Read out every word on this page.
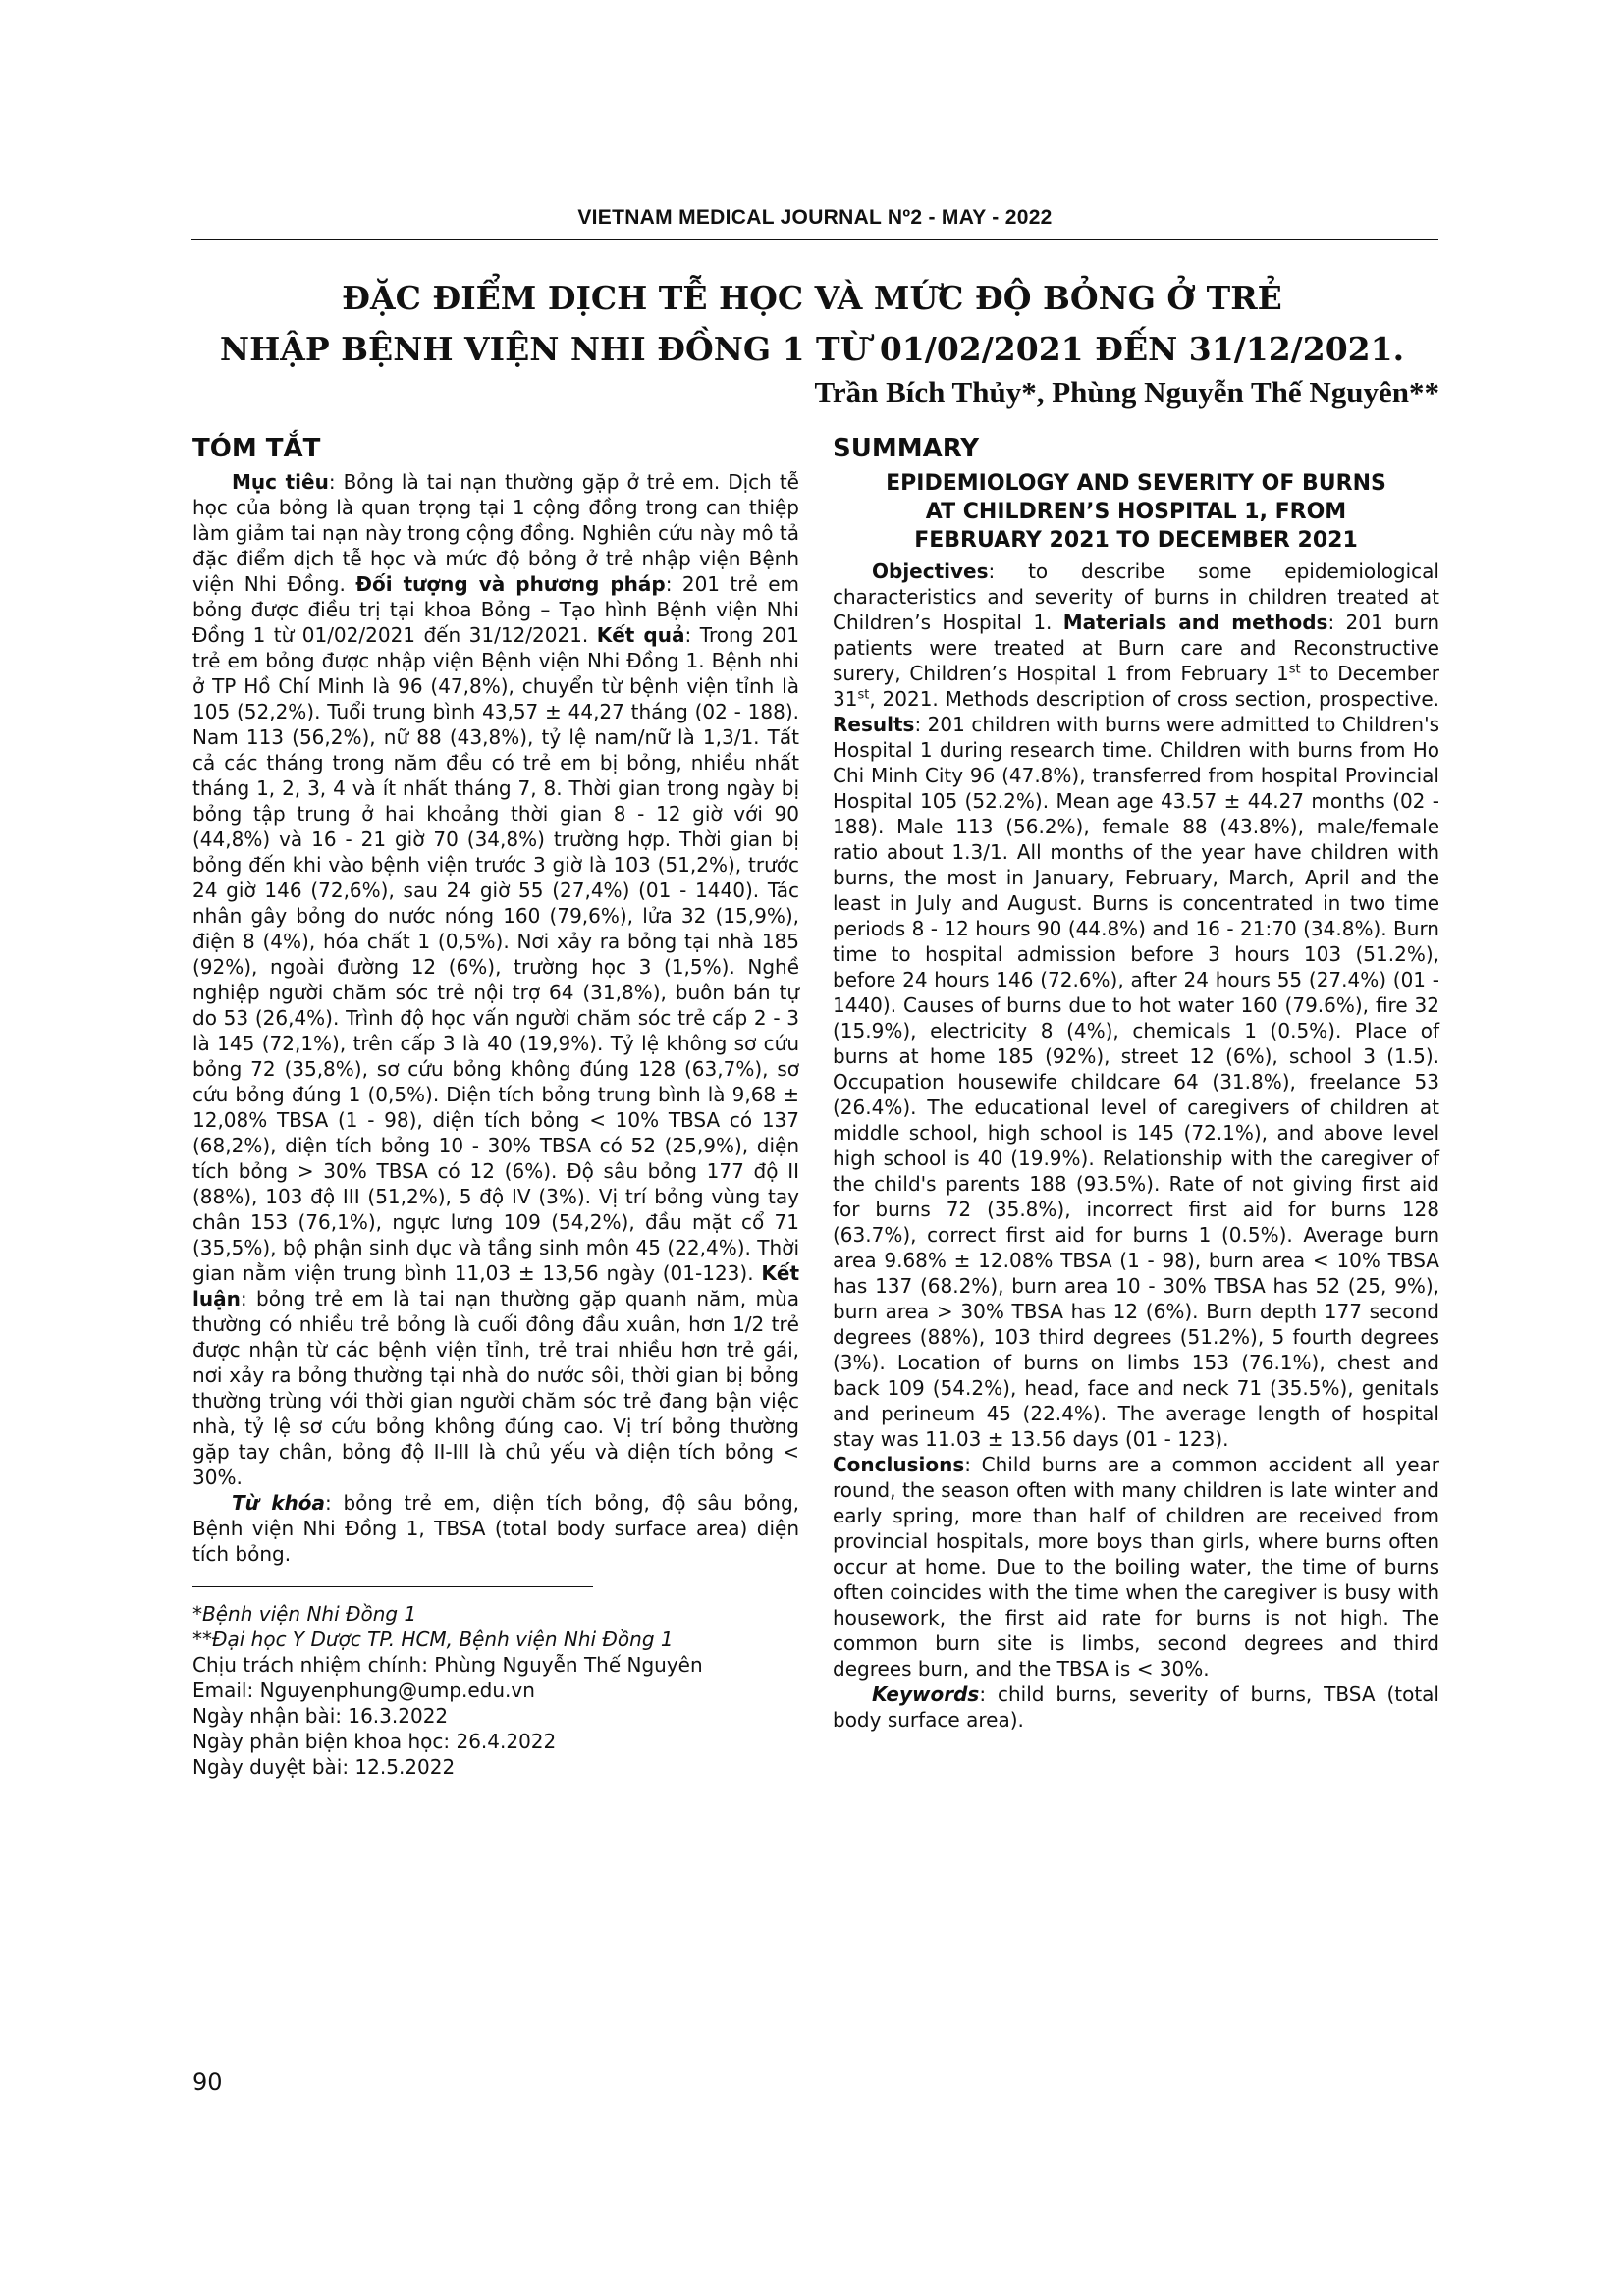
VIETNAM MEDICAL JOURNAL Nº2 - MAY - 2022
ĐẶC ĐIỂM DỊCH TỄ HỌC VÀ MỨC ĐỘ BỎNG Ở TRẺ
NHẬP BỆNH VIỆN NHI ĐỒNG 1 TỪ 01/02/2021 ĐẾN 31/12/2021.
Trần Bích Thủy*, Phùng Nguyễn Thế Nguyên**
TÓM TẮT

Mục tiêu: Bỏng là tai nạn thường gặp ở trẻ em. Dịch tễ học của bỏng là quan trọng tại 1 cộng đồng trong can thiệp làm giảm tai nạn này trong cộng đồng. Nghiên cứu này mô tả đặc điểm dịch tễ học và mức độ bỏng ở trẻ nhập viện Bệnh viện Nhi Đồng. Đối tượng và phương pháp: 201 trẻ em bỏng được điều trị tại khoa Bỏng – Tạo hình Bệnh viện Nhi Đồng 1 từ 01/02/2021 đến 31/12/2021. Kết quả: Trong 201 trẻ em bỏng được nhập viện Bệnh viện Nhi Đồng 1. Bệnh nhi ở TP Hồ Chí Minh là 96 (47,8%), chuyển từ bệnh viện tỉnh là 105 (52,2%). Tuổi trung bình 43,57 ± 44,27 tháng (02 - 188). Nam 113 (56,2%), nữ 88 (43,8%), tỷ lệ nam/nữ là 1,3/1. Tất cả các tháng trong năm đều có trẻ em bị bỏng, nhiều nhất tháng 1, 2, 3, 4 và ít nhất tháng 7, 8. Thời gian trong ngày bị bỏng tập trung ở hai khoảng thời gian 8 - 12 giờ với 90 (44,8%) và 16 - 21 giờ 70 (34,8%) trường hợp. Thời gian bị bỏng đến khi vào bệnh viện trước 3 giờ là 103 (51,2%), trước 24 giờ 146 (72,6%), sau 24 giờ 55 (27,4%) (01 - 1440). Tác nhân gây bỏng do nước nóng 160 (79,6%), lửa 32 (15,9%), điện 8 (4%), hóa chất 1 (0,5%). Nơi xảy ra bỏng tại nhà 185 (92%), ngoài đường 12 (6%), trường học 3 (1,5%). Nghề nghiệp người chăm sóc trẻ nội trợ 64 (31,8%), buôn bán tự do 53 (26,4%). Trình độ học vấn người chăm sóc trẻ cấp 2 - 3 là 145 (72,1%), trên cấp 3 là 40 (19,9%). Tỷ lệ không sơ cứu bỏng 72 (35,8%), sơ cứu bỏng không đúng 128 (63,7%), sơ cứu bỏng đúng 1 (0,5%). Diện tích bỏng trung bình là 9,68 ± 12,08% TBSA (1 - 98), diện tích bỏng < 10% TBSA có 137 (68,2%), diện tích bỏng 10 - 30% TBSA có 52 (25,9%), diện tích bỏng > 30% TBSA có 12 (6%). Độ sâu bỏng 177 độ II (88%), 103 độ III (51,2%), 5 độ IV (3%). Vị trí bỏng vùng tay chân 153 (76,1%), ngực lưng 109 (54,2%), đầu mặt cổ 71 (35,5%), bộ phận sinh dục và tầng sinh môn 45 (22,4%). Thời gian nằm viện trung bình 11,03 ± 13,56 ngày (01-123). Kết luận: bỏng trẻ em là tai nạn thường gặp quanh năm, mùa thường có nhiều trẻ bỏng là cuối đông đầu xuân, hơn 1/2 trẻ được nhận từ các bệnh viện tỉnh, trẻ trai nhiều hơn trẻ gái, nơi xảy ra bỏng thường tại nhà do nước sôi, thời gian bị bỏng thường trùng với thời gian người chăm sóc trẻ đang bận việc nhà, tỷ lệ sơ cứu bỏng không đúng cao. Vị trí bỏng thường gặp tay chân, bỏng độ II-III là chủ yếu và diện tích bỏng < 30%.

Từ khóa: bỏng trẻ em, diện tích bỏng, độ sâu bỏng, Bệnh viện Nhi Đồng 1, TBSA (total body surface area) diện tích bỏng.

*Bệnh viện Nhi Đồng 1
**Đại học Y Dược TP. HCM, Bệnh viện Nhi Đồng 1
Chịu trách nhiệm chính: Phùng Nguyễn Thế Nguyên
Email: Nguyenphung@ump.edu.vn
Ngày nhận bài: 16.3.2022
Ngày phản biện khoa học: 26.4.2022
Ngày duyệt bài: 12.5.2022
SUMMARY
EPIDEMIOLOGY AND SEVERITY OF BURNS
AT CHILDREN’S HOSPITAL 1, FROM
FEBRUARY 2021 TO DECEMBER 2021

Objectives: to describe some epidemiological characteristics and severity of burns in children treated at Children’s Hospital 1. Materials and methods: 201 burn patients were treated at Burn care and Reconstructive surery, Children’s Hospital 1 from February 1st to December 31st, 2021. Methods description of cross section, prospective. Results: 201 children with burns were admitted to Children's Hospital 1 during research time. Children with burns from Ho Chi Minh City 96 (47.8%), transferred from hospital Provincial Hospital 105 (52.2%). Mean age 43.57 ± 44.27 months (02 - 188). Male 113 (56.2%), female 88 (43.8%), male/female ratio about 1.3/1. All months of the year have children with burns, the most in January, February, March, April and the least in July and August. Burns is concentrated in two time periods 8 - 12 hours 90 (44.8%) and 16 - 21:70 (34.8%). Burn time to hospital admission before 3 hours 103 (51.2%), before 24 hours 146 (72.6%), after 24 hours 55 (27.4%) (01 - 1440). Causes of burns due to hot water 160 (79.6%), fire 32 (15.9%), electricity 8 (4%), chemicals 1 (0.5%). Place of burns at home 185 (92%), street 12 (6%), school 3 (1.5). Occupation housewife childcare 64 (31.8%), freelance 53 (26.4%). The educational level of caregivers of children at middle school, high school is 145 (72.1%), and above level high school is 40 (19.9%). Relationship with the caregiver of the child's parents 188 (93.5%). Rate of not giving first aid for burns 72 (35.8%), incorrect first aid for burns 128 (63.7%), correct first aid for burns 1 (0.5%). Average burn area 9.68% ± 12.08% TBSA (1 - 98), burn area < 10% TBSA has 137 (68.2%), burn area 10 - 30% TBSA has 52 (25, 9%), burn area > 30% TBSA has 12 (6%). Burn depth 177 second degrees (88%), 103 third degrees (51.2%), 5 fourth degrees (3%). Location of burns on limbs 153 (76.1%), chest and back 109 (54.2%), head, face and neck 71 (35.5%), genitals and perineum 45 (22.4%). The average length of hospital stay was 11.03 ± 13.56 days (01 - 123).

Conclusions: Child burns are a common accident all year round, the season often with many children is late winter and early spring, more than half of children are received from provincial hospitals, more boys than girls, where burns often occur at home. Due to the boiling water, the time of burns often coincides with the time when the caregiver is busy with housework, the first aid rate for burns is not high. The common burn site is limbs, second degrees and third degrees burn, and the TBSA is < 30%.

Keywords: child burns, severity of burns, TBSA (total body surface area).

90
